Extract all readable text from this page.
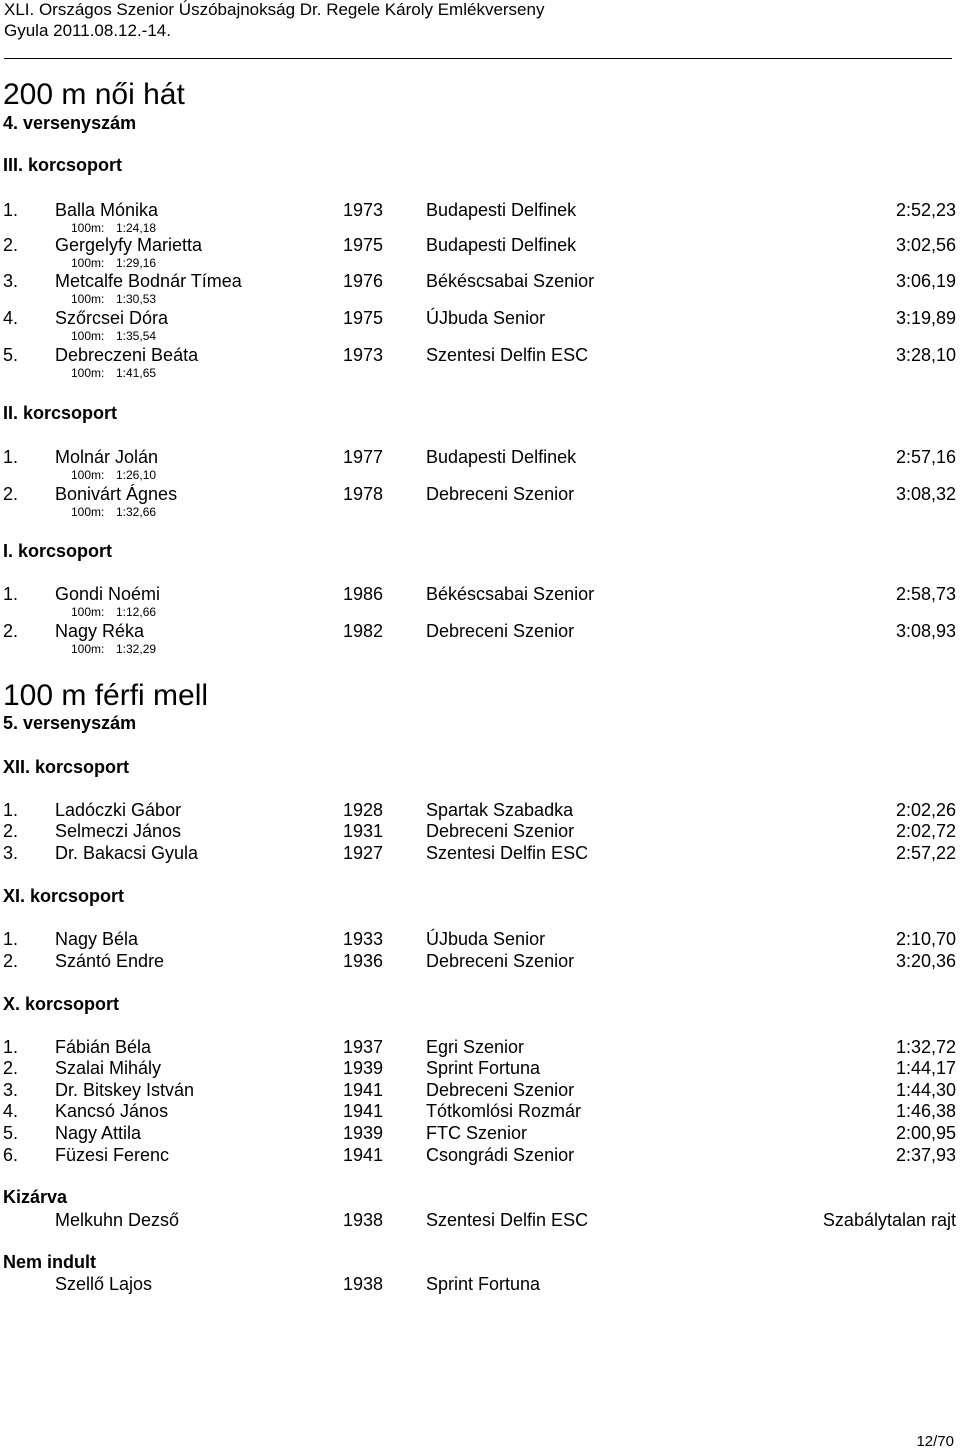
XLI. Országos Szenior Úszóbajnokság Dr. Regele Károly Emlékverseny
Gyula 2011.08.12.-14.
200 m női hát
4. versenyszám
III. korcsoport
1. Balla Mónika	1973 Budapesti Delfinek	2:52,23
100m: 1:24,18
2. Gergelyfy Marietta	1975 Budapesti Delfinek	3:02,56
100m: 1:29,16
3. Metcalfe Bodnár Tímea	1976 Békéscsabai Szenior	3:06,19
100m: 1:30,53
4. Szőrcsei Dóra	1975 ÚJbuda Senior	3:19,89
100m: 1:35,54
5. Debreczeni Beáta	1973 Szentesi Delfin ESC	3:28,10
100m: 1:41,65
II. korcsoport
1. Molnár Jolán	1977 Budapesti Delfinek	2:57,16
100m: 1:26,10
2. Bonivárt Ágnes	1978 Debreceni Szenior	3:08,32
100m: 1:32,66
I. korcsoport
1. Gondi Noémi	1986 Békéscsabai Szenior	2:58,73
100m: 1:12,66
2. Nagy Réka	1982 Debreceni Szenior	3:08,93
100m: 1:32,29
100 m férfi mell
5. versenyszám
XII. korcsoport
1. Ladóczki Gábor	1928 Spartak Szabadka	2:02,26
2. Selmeczi János	1931 Debreceni Szenior	2:02,72
3. Dr. Bakacsi Gyula	1927 Szentesi Delfin ESC	2:57,22
XI. korcsoport
1. Nagy Béla	1933 ÚJbuda Senior	2:10,70
2. Szántó Endre	1936 Debreceni Szenior	3:20,36
X. korcsoport
1. Fábián Béla	1937 Egri Szenior	1:32,72
2. Szalai Mihály	1939 Sprint Fortuna	1:44,17
3. Dr. Bitskey István	1941 Debreceni Szenior	1:44,30
4. Kancsó János	1941 Tótkomlósi Rozmár	1:46,38
5. Nagy Attila	1939 FTC Szenior	2:00,95
6. Füzesi Ferenc	1941 Csongrádi Szenior	2:37,93
Kizárva
Melkuhn Dezső	1938 Szentesi Delfin ESC	Szabálytalan rajt
Nem indult
Szellő Lajos	1938 Sprint Fortuna
12/70
